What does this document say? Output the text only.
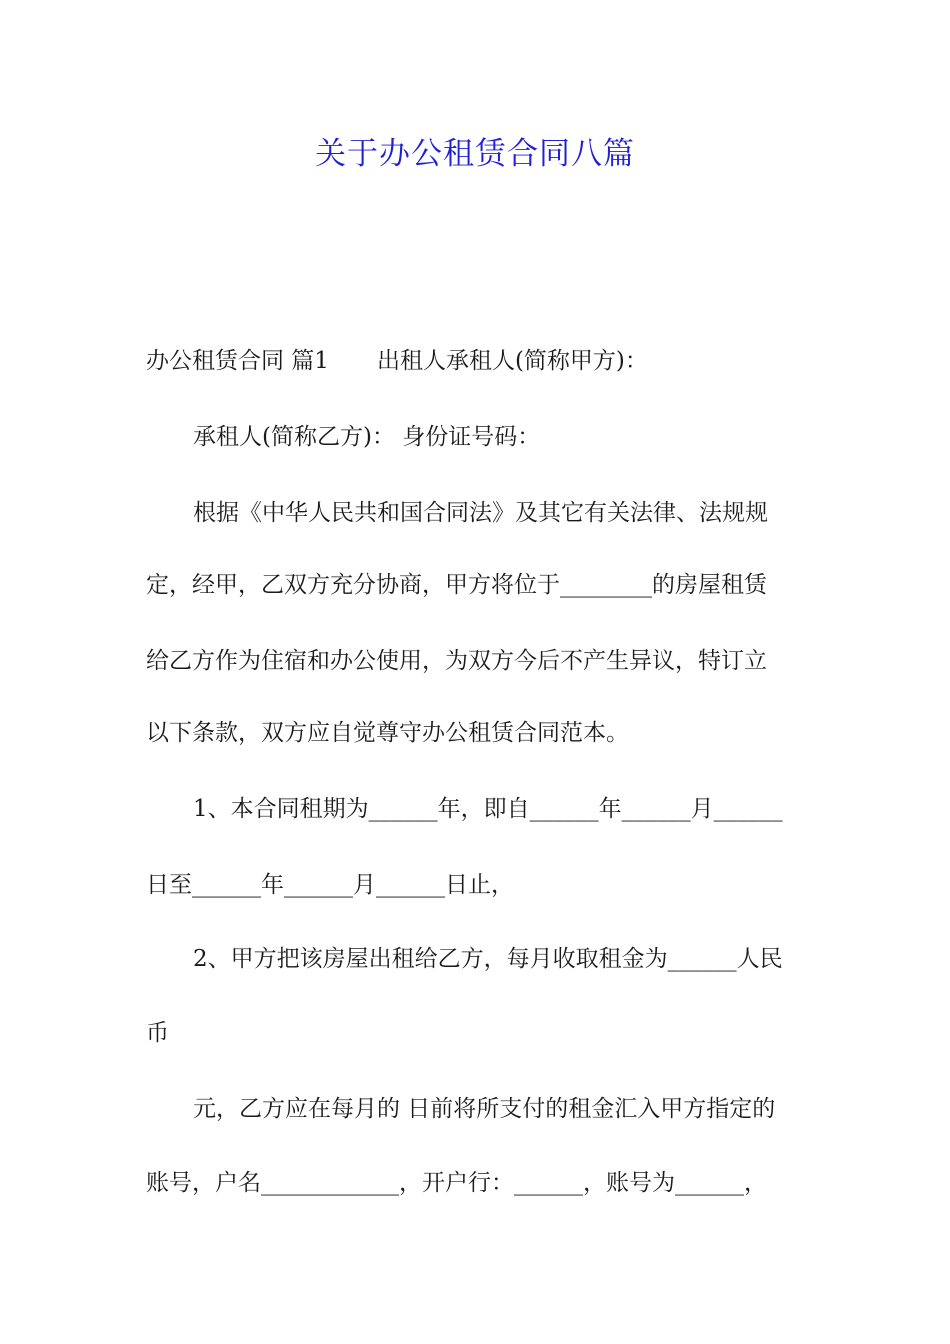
关于办公租赁合同八篇
办公租赁合同 篇1 出租人承租人(简称甲方)：
承租人(简称乙方)： 身份证号码：
根据《中华人民共和国合同法》及其它有关法律、法规规
定，经甲，乙双方充分协商，甲方将位于________的房屋租赁
给乙方作为住宿和办公使用，为双方今后不产生异议，特订立
以下条款，双方应自觉尊守办公租赁合同范本。
1、本合同租期为______年，即自______年______月______
日至______年______月______日止，
2、甲方把该房屋出租给乙方，每月收取租金为______人民
币
元，乙方应在每月的 日前将所支付的租金汇入甲方指定的
账号，户名____________，开户行：______，账号为______，
